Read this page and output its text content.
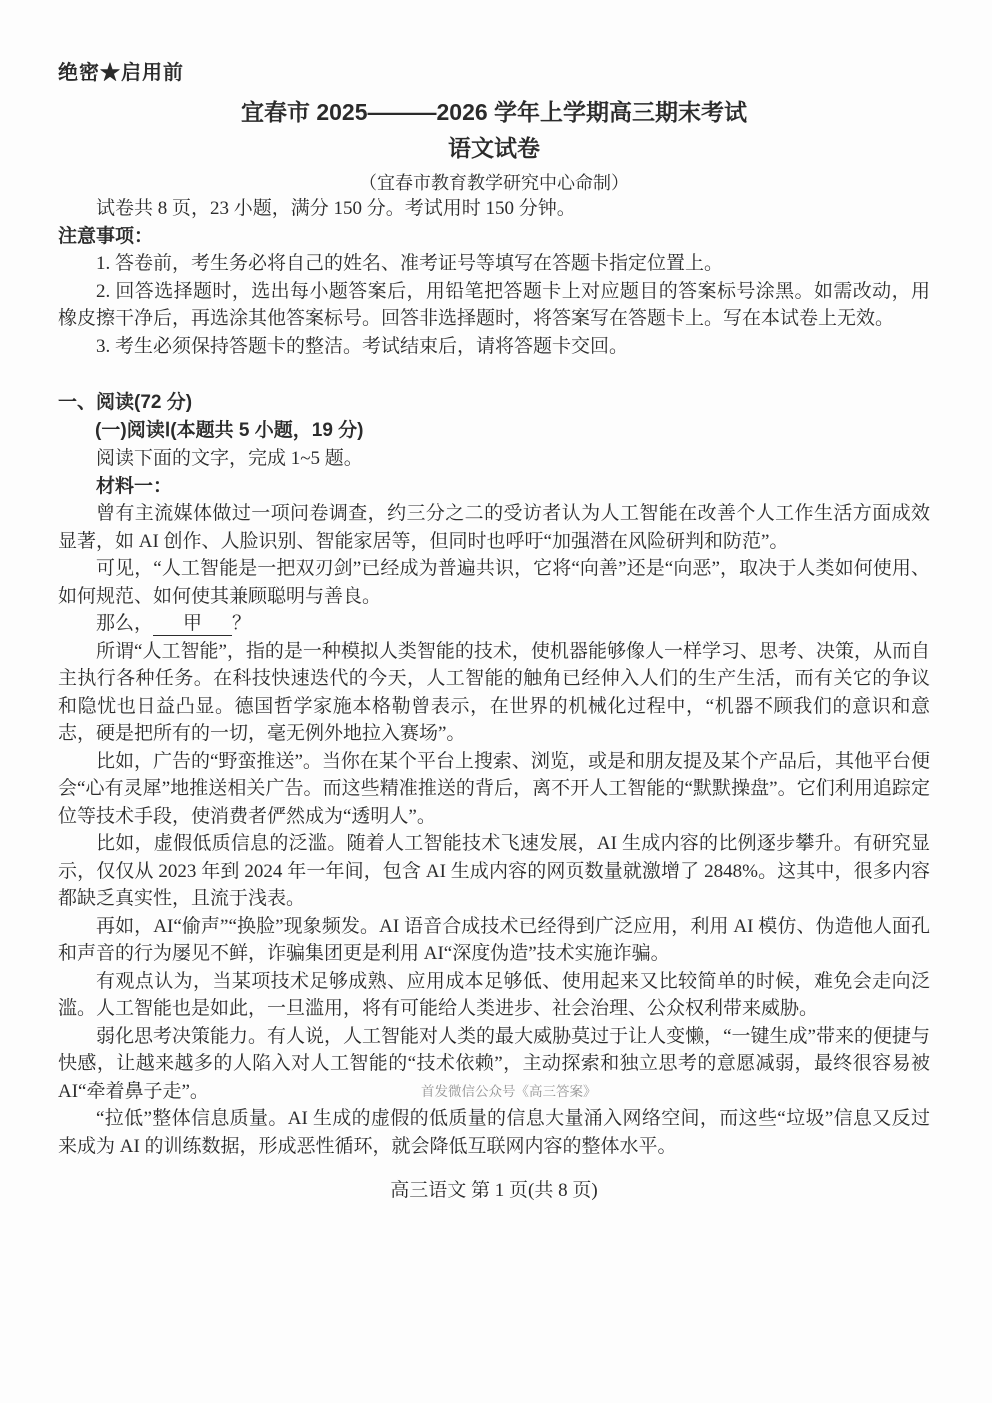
绝密★启用前
宜春市 2025———2026 学年上学期高三期末考试
语文试卷
（宜春市教育教学研究中心命制）

试卷共 8 页，23 小题，满分 150 分。考试用时 150 分钟。

注意事项：

1. 答卷前，考生务必将自己的姓名、准考证号等填写在答题卡指定位置上。

2. 回答选择题时，选出每小题答案后，用铅笔把答题卡上对应题目的答案标号涂黑。如需改动，用橡皮擦干净后，再选涂其他答案标号。回答非选择题时，将答案写在答题卡上。写在本试卷上无效。

3. 考生必须保持答题卡的整洁。考试结束后，请将答题卡交回。

一、阅读(72 分)

(一)阅读Ⅰ(本题共 5 小题，19 分)

阅读下面的文字，完成 1~5 题。

材料一：

曾有主流媒体做过一项问卷调查，约三分之二的受访者认为人工智能在改善个人工作生活方面成效显著，如 AI 创作、人脸识别、智能家居等，但同时也呼吁“加强潜在风险研判和防范”。

可见，“人工智能是一把双刃剑”已经成为普遍共识，它将“向善”还是“向恶”，取决于人类如何使用、如何规范、如何使其兼顾聪明与善良。

那么， 甲 ？

所谓“人工智能”，指的是一种模拟人类智能的技术，使机器能够像人一样学习、思考、决策，从而自主执行各种任务。在科技快速迭代的今天，人工智能的触角已经伸入人们的生产生活，而有关它的争议和隐忧也日益凸显。德国哲学家施本格勒曾表示，在世界的机械化过程中，“机器不顾我们的意识和意志，硬是把所有的一切，毫无例外地拉入赛场”。

比如，广告的“野蛮推送”。当你在某个平台上搜索、浏览，或是和朋友提及某个产品后，其他平台便会“心有灵犀”地推送相关广告。而这些精准推送的背后，离不开人工智能的“默默操盘”。它们利用追踪定位等技术手段，使消费者俨然成为“透明人”。

比如，虚假低质信息的泛滥。随着人工智能技术飞速发展，AI 生成内容的比例逐步攀升。有研究显示，仅仅从 2023 年到 2024 年一年间，包含 AI 生成内容的网页数量就激增了 2848%。这其中，很多内容都缺乏真实性，且流于浅表。

再如，AI“偷声”“换脸”现象频发。AI 语音合成技术已经得到广泛应用，利用 AI 模仿、伪造他人面孔和声音的行为屡见不鲜，诈骗集团更是利用 AI“深度伪造”技术实施诈骗。

有观点认为，当某项技术足够成熟、应用成本足够低、使用起来又比较简单的时候，难免会走向泛滥。人工智能也是如此，一旦滥用，将有可能给人类进步、社会治理、公众权利带来威胁。

弱化思考决策能力。有人说，人工智能对人类的最大威胁莫过于让人变懒，“一键生成”带来的便捷与快感，让越来越多的人陷入对人工智能的“技术依赖”，主动探索和独立思考的意愿减弱，最终很容易被 AI“牵着鼻子走”。

“拉低”整体信息质量。AI 生成的虚假的低质量的信息大量涌入网络空间，而这些“垃圾”信息又反过来成为 AI 的训练数据，形成恶性循环，就会降低互联网内容的整体水平。

高三语文 第 1 页(共 8 页)
首发微信公众号《高三答案》
